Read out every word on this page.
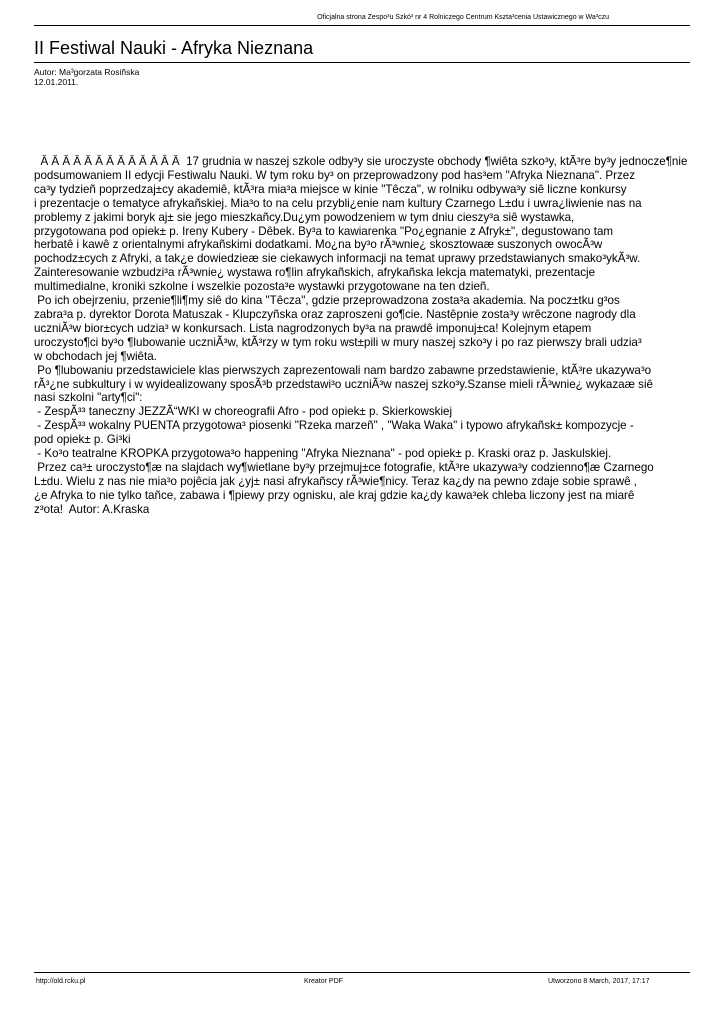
Oficjalna strona Zespo³u Szkó³ nr 4 Rolniczego Centrum Kszta³cenia Ustawicznego w Wa³czu
II Festiwal Nauki - Afryka Nieznana
Autor: Ma³gorzata Rosiñska
12.01.2011.
Â Â Â Â Â Â Â Â Â Â Â Â Â  17 grudnia w naszej szkole odby³y sie uroczyste obchody ¶wiêta szko³y, ktÃ³re by³y jednocze¶nie
podsumowaniem II edycji Festiwalu Nauki. W tym roku by³ on przeprowadzony pod has³em "Afryka Nieznana". Przez
ca³y tydzieñ poprzedzaj±cy akademiê, ktÃ³ra mia³a miejsce w kinie "Têcza", w rolniku odbywa³y siê liczne konkursy
i prezentacje o tematyce afrykañskiej. Mia³o to na celu przybli¿enie nam kultury Czarnego L±du i uwra¿liwienie nas na
problemy z jakimi boryk aj± sie jego mieszkañcy.Du¿ym powodzeniem w tym dniu cieszy³a siê wystawka,
przygotowana pod opiek± p. Ireny Kubery - Dêbek. By³a to kawiarenka "Po¿egnanie z Afryk±", degustowano tam
herbatê i kawê z orientalnymi afrykañskimi dodatkami. Mo¿na by³o rÃ³wnie¿ skosztowaæ suszonych owocÃ³w
pochodz±cych z Afryki, a tak¿e dowiedzieæ sie ciekawych informacji na temat uprawy przedstawianych smako³ykÃ³w.
Zainteresowanie wzbudzi³a rÃ³wnie¿ wystawa ro¶lin afrykañskich, afrykañska lekcja matematyki, prezentacje
multimedialne, kroniki szkolne i wszelkie pozosta³e wystawki przygotowane na ten dzieñ.
Po ich obejrzeniu, przenie¶li¶my siê do kina "Têcza", gdzie przeprowadzona zosta³a akademia. Na pocz±tku g³os
zabra³a p. dyrektor Dorota Matuszak - Klupczyñska oraz zaproszeni go¶cie. Nastêpnie zosta³y wrêczone nagrody dla
uczniÃ³w bior±cych udzia³ w konkursach. Lista nagrodzonych by³a na prawdê imponuj±ca! Kolejnym etapem
uroczysto¶ci by³o ¶lubowanie uczniÃ³w, ktÃ³rzy w tym roku wst±pili w mury naszej szko³y i po raz pierwszy brali udzia³
w obchodach jej ¶wiêta.
Po ¶lubowaniu przedstawiciele klas pierwszych zaprezentowali nam bardzo zabawne przedstawienie, ktÃ³re ukazywa³o
rÃ³¿ne subkultury i w wyidealizowany sposÃ³b przedstawi³o uczniÃ³w naszej szko³y.Szanse mieli rÃ³wnie¿ wykazaæ siê
nasi szkolni "arty¶ci":
- ZespÃ³³ taneczny JEZZÃ“WKI w choreografii Afro - pod opiek± p. Skierkowskiej
- ZespÃ³³ wokalny PUENTA przygotowa³ piosenki "Rzeka marzeñ" , "Waka Waka" i typowo afrykañsk± kompozycje -
pod opiek± p. Gi³ki
- Ko³o teatralne KROPKA przygotowa³o happening "Afryka Nieznana" - pod opiek± p. Kraski oraz p. Jaskulskiej.
Przez ca³± uroczysto¶æ na slajdach wy¶wietlane by³y przejmuj±ce fotografie, ktÃ³re ukazywa³y codzienno¶æ Czarnego
L±du. Wielu z nas nie mia³o pojêcia jak ¿yj± nasi afrykañscy rÃ³wie¶nicy. Teraz ka¿dy na pewno zdaje sobie sprawê ,
¿e Afryka to nie tylko tañce, zabawa i ¶piewy przy ognisku, ale kraj gdzie ka¿dy kawa³ek chleba liczony jest na miarê
z³ota!  Autor: A.Kraska
http://old.rcku.pl	Kreator PDF	Utworzono 8 March, 2017, 17:17
